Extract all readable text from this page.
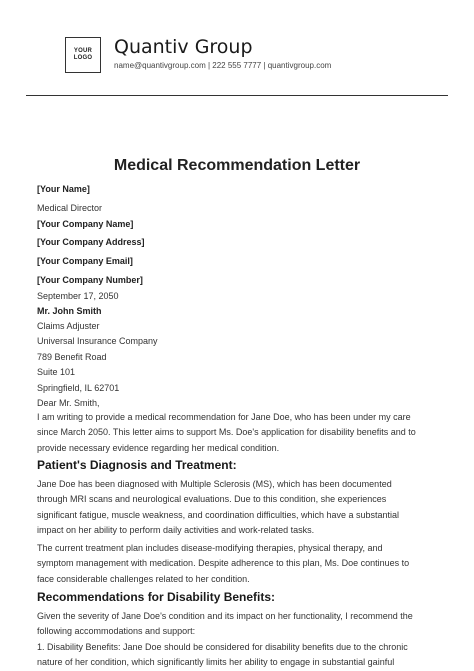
YOUR
LOGO Quantiv Group
name@quantivgroup.com | 222 555 7777 | quantivgroup.com
Medical Recommendation Letter
[Your Name]
Medical Director
[Your Company Name]
[Your Company Address]
[Your Company Email]
[Your Company Number]
September 17, 2050
Mr. John Smith
Claims Adjuster
Universal Insurance Company
789 Benefit Road
Suite 101
Springfield, IL 62701
Dear Mr. Smith,
I am writing to provide a medical recommendation for Jane Doe, who has been under my care
since March 2050. This letter aims to support Ms. Doe's application for disability benefits and to
provide necessary evidence regarding her medical condition.
Patient's Diagnosis and Treatment:
Jane Doe has been diagnosed with Multiple Sclerosis (MS), which has been documented
through MRI scans and neurological evaluations. Due to this condition, she experiences
significant fatigue, muscle weakness, and coordination difficulties, which have a substantial
impact on her ability to perform daily activities and work-related tasks.
The current treatment plan includes disease-modifying therapies, physical therapy, and
symptom management with medication. Despite adherence to this plan, Ms. Doe continues to
face considerable challenges related to her condition.
Recommendations for Disability Benefits:
Given the severity of Jane Doe's condition and its impact on her functionality, I recommend the
following accommodations and support:
1. Disability Benefits: Jane Doe should be considered for disability benefits due to the chronic
nature of her condition, which significantly limits her ability to engage in substantial gainful
